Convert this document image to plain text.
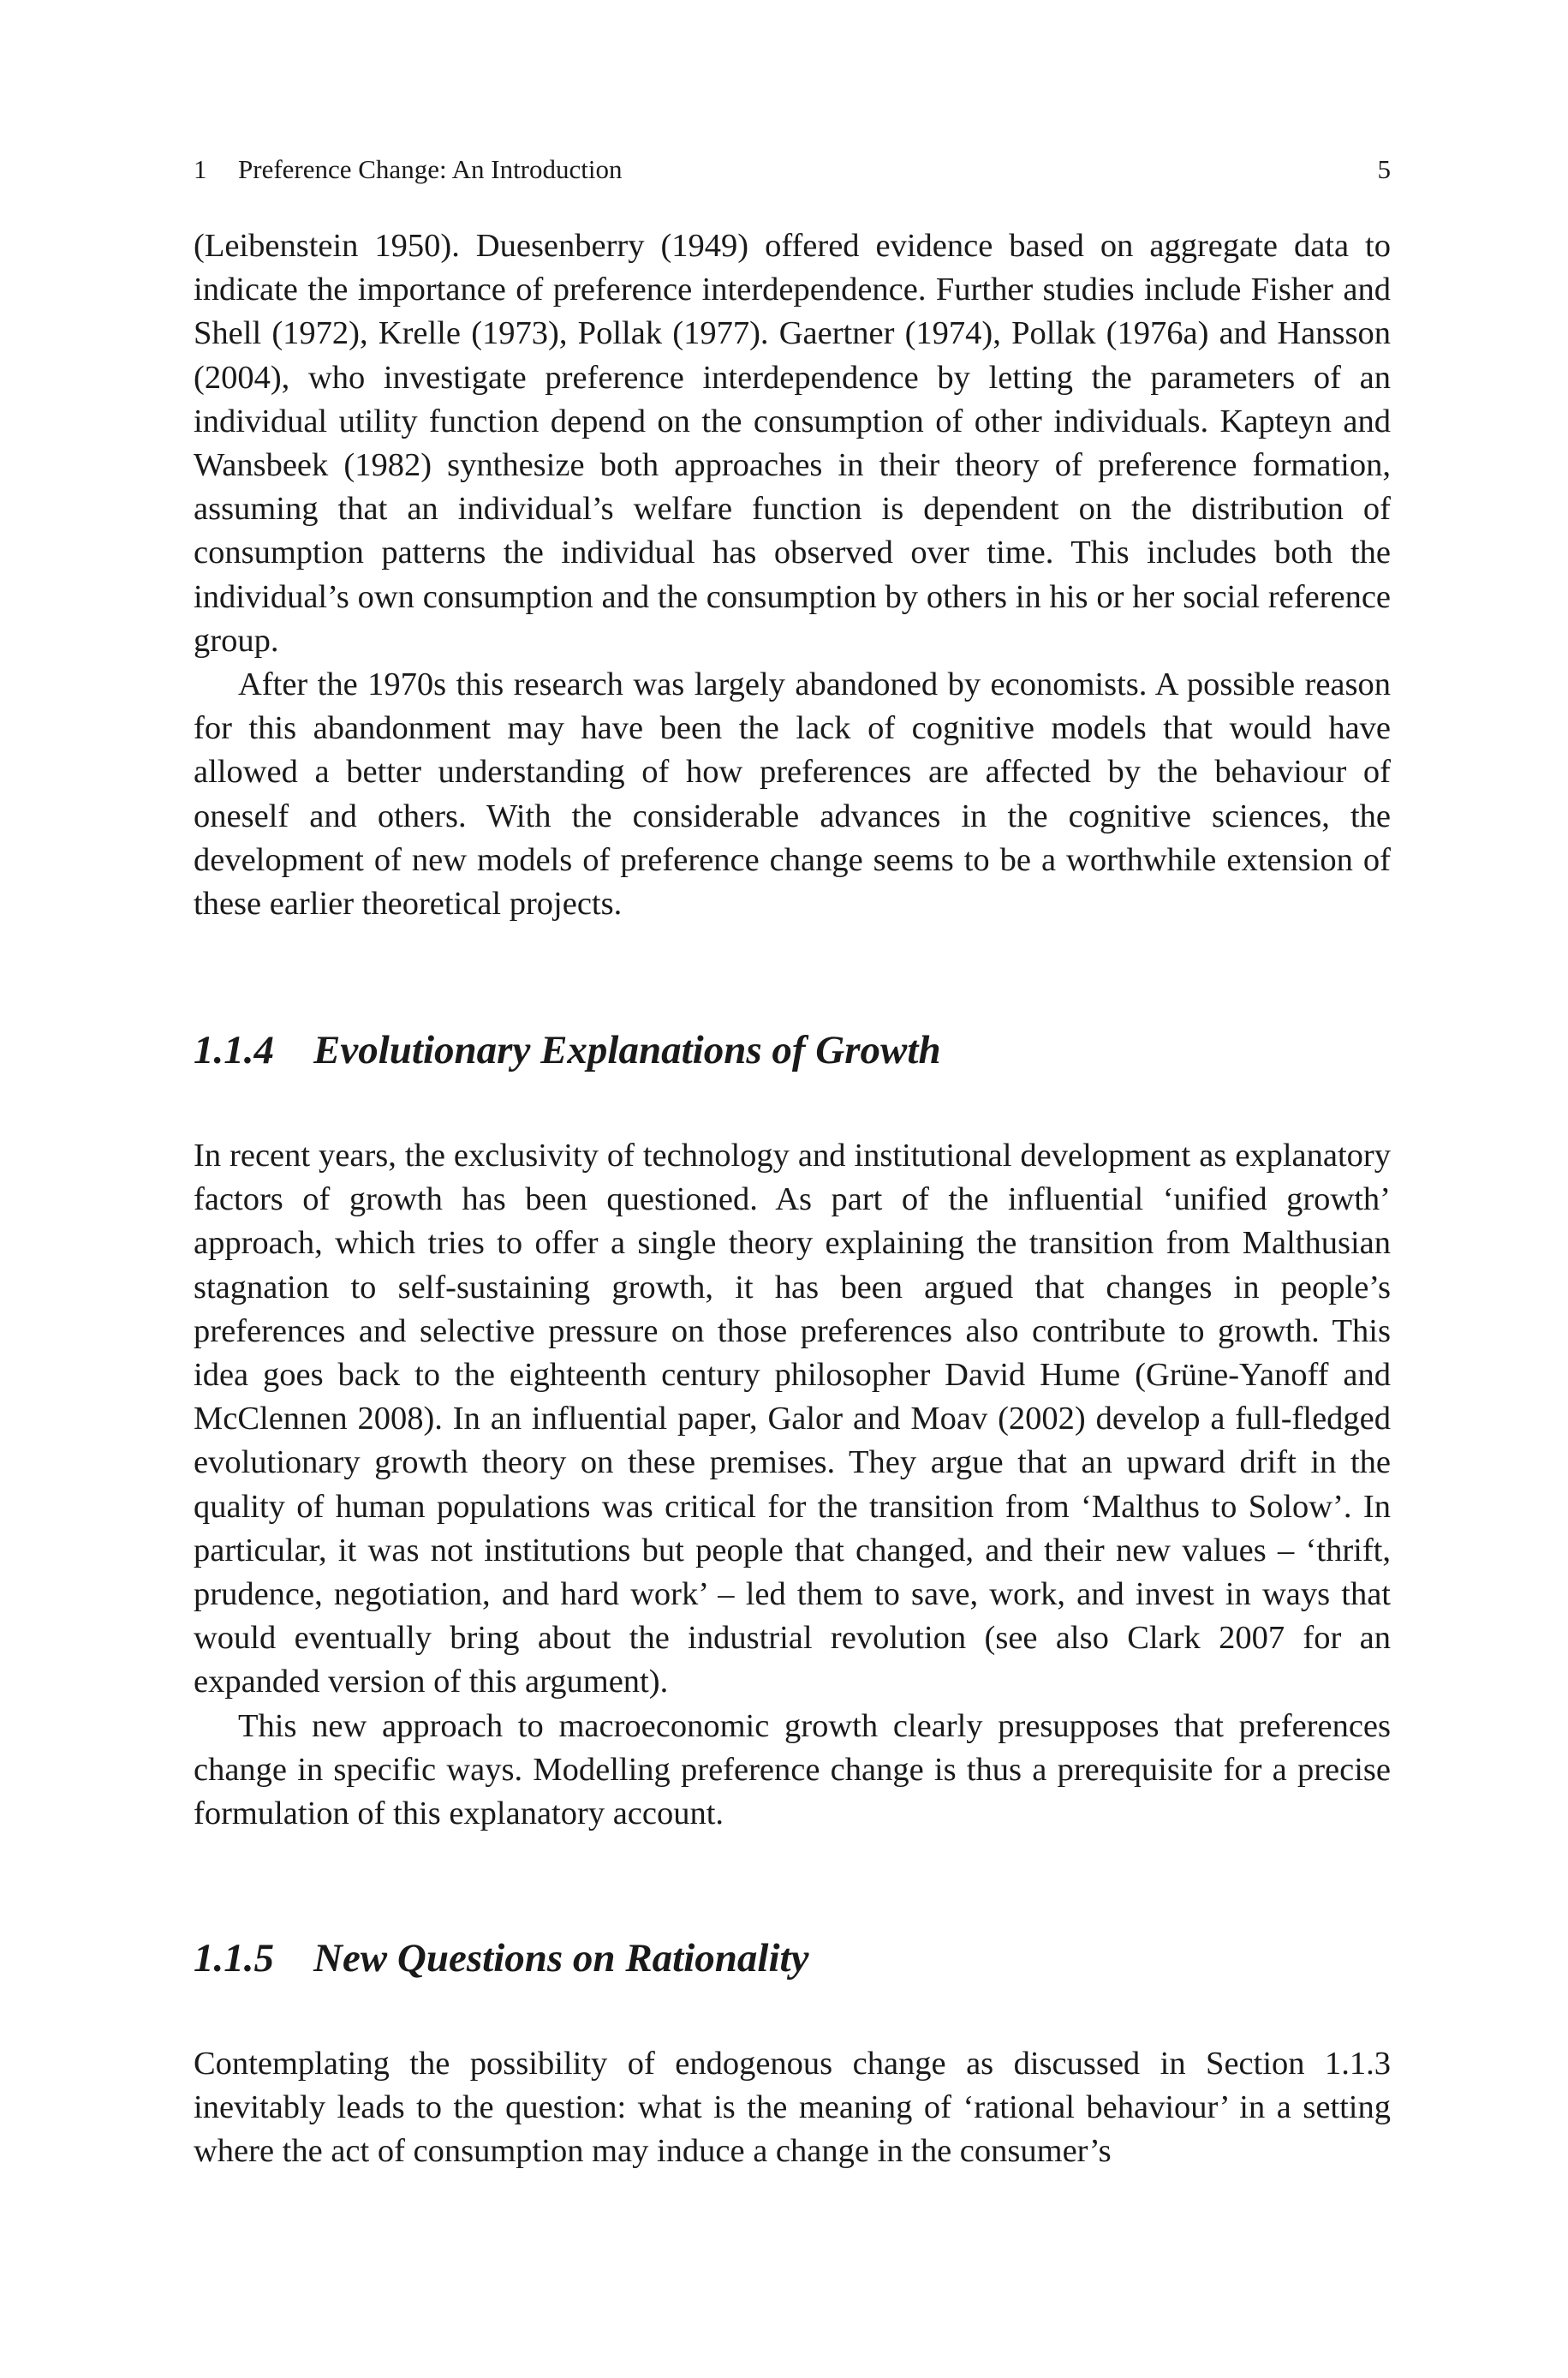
1 Preference Change: An Introduction	5

(Leibenstein 1950). Duesenberry (1949) offered evidence based on aggregate data to indicate the importance of preference interdependence. Further studies include Fisher and Shell (1972), Krelle (1973), Pollak (1977). Gaertner (1974), Pollak (1976a) and Hansson (2004), who investigate preference interdependence by letting the parameters of an individual utility function depend on the consumption of other individuals. Kapteyn and Wansbeek (1982) synthesize both approaches in their theory of preference formation, assuming that an individual’s welfare function is dependent on the distribution of consumption patterns the individual has observed over time. This includes both the individual’s own consumption and the consumption by others in his or her social reference group.

After the 1970s this research was largely abandoned by economists. A possible reason for this abandonment may have been the lack of cognitive models that would have allowed a better understanding of how preferences are affected by the behaviour of oneself and others. With the considerable advances in the cognitive sciences, the development of new models of preference change seems to be a worthwhile extension of these earlier theoretical projects.

1.1.4 Evolutionary Explanations of Growth

In recent years, the exclusivity of technology and institutional development as explanatory factors of growth has been questioned. As part of the influential ‘unified growth’ approach, which tries to offer a single theory explaining the transition from Malthusian stagnation to self-sustaining growth, it has been argued that changes in people’s preferences and selective pressure on those preferences also contribute to growth. This idea goes back to the eighteenth century philosopher David Hume (Grüne-Yanoff and McClennen 2008). In an influential paper, Galor and Moav (2002) develop a full-fledged evolutionary growth theory on these premises. They argue that an upward drift in the quality of human populations was critical for the transition from ‘Malthus to Solow’. In particular, it was not institutions but people that changed, and their new values – ‘thrift, prudence, negotiation, and hard work’ – led them to save, work, and invest in ways that would eventually bring about the industrial revolution (see also Clark 2007 for an expanded version of this argument).

This new approach to macroeconomic growth clearly presupposes that preferences change in specific ways. Modelling preference change is thus a prerequisite for a precise formulation of this explanatory account.

1.1.5 New Questions on Rationality

Contemplating the possibility of endogenous change as discussed in Section 1.1.3 inevitably leads to the question: what is the meaning of ‘rational behaviour’ in a setting where the act of consumption may induce a change in the consumer’s
